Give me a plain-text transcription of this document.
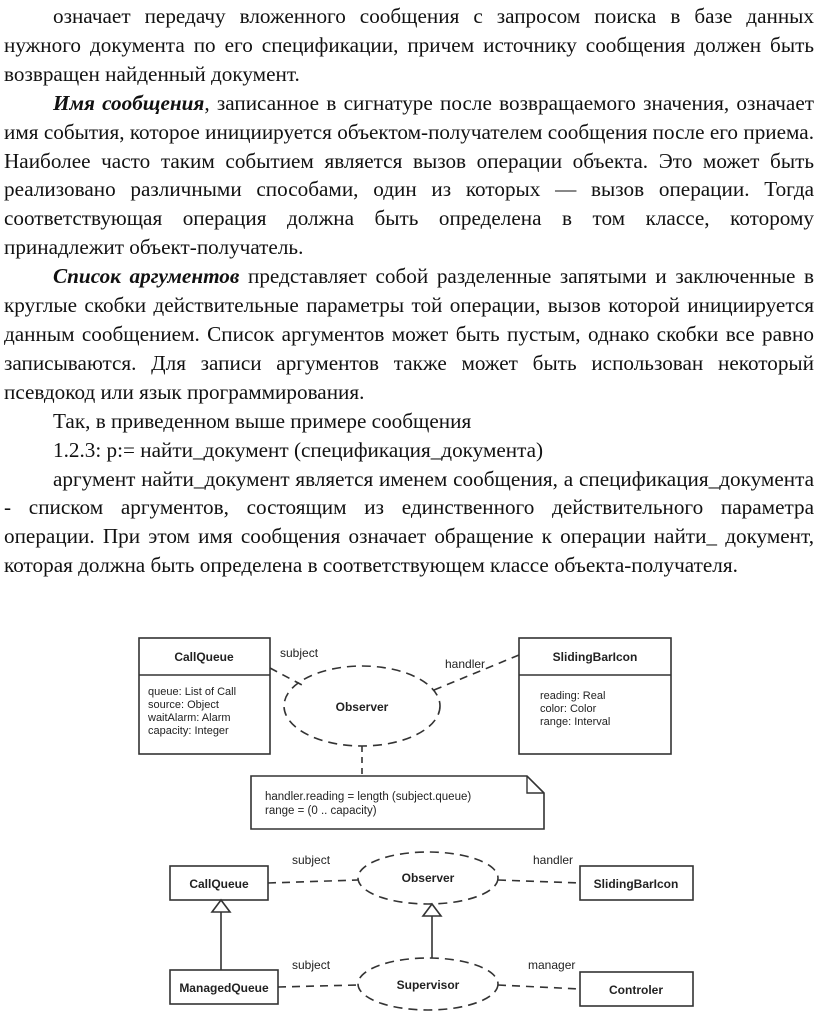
означает передачу вложенного сообщения с запросом поиска в базе данных нужного документа по его спецификации, причем источнику сообщения должен быть возвращен найденный документ.

Имя сообщения, записанное в сигнатуре после возвращаемого значения, означает имя события, которое инициируется объектом-получателем сообщения после его приема. Наиболее часто таким событием является вызов операции объекта. Это может быть реализовано различными способами, один из которых — вызов операции. Тогда соответствующая операция должна быть определена в том классе, которому принадлежит объект-получатель.

Список аргументов представляет собой разделенные запятыми и заключенные в круглые скобки действительные параметры той операции, вызов которой инициируется данным сообщением. Список аргументов может быть пустым, однако скобки все равно записываются. Для записи аргументов также может быть использован некоторый псевдокод или язык программирования.

Так, в приведенном выше примере сообщения

1.2.3: p:= найти_документ (спецификация_документа)

аргумент найти_документ является именем сообщения, а спецификация_документа - списком аргументов, состоящим из единственного действительного параметра операции. При этом имя сообщения означает обращение к операции найти_ документ, которая должна быть определена в соответствующем классе объекта-получателя.

CallQueue
queue: List of Call
source: Object
waitAlarm: Alarm
capacity: Integer
SlidingBarIcon
reading: Real
color: Color
range: Interval
Observer
subject
handler
handler.reading = length (subject.queue)
range = (0 .. capacity)
CallQueue	Observer	SlidingBarIcon
ManagedQueue	Supervisor	Controler
subject	handler
subject	manager
